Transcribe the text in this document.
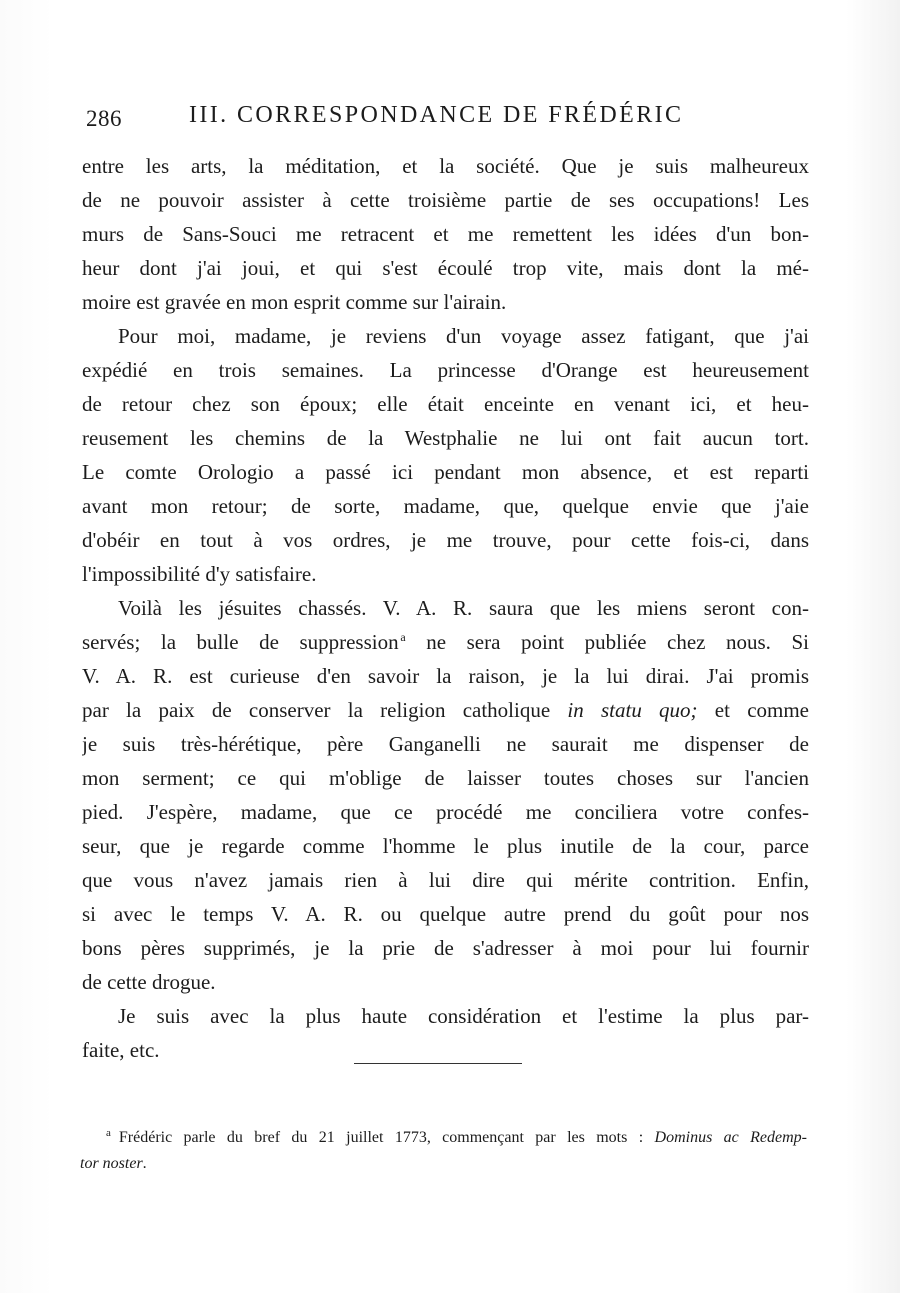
286	III. CORRESPONDANCE DE FRÉDÉRIC
entre les arts, la méditation, et la société. Que je suis malheureux
de ne pouvoir assister à cette troisième partie de ses occupations! Les
murs de Sans-Souci me retracent et me remettent les idées d'un bon-
heur dont j'ai joui, et qui s'est écoulé trop vite, mais dont la mé-
moire est gravée en mon esprit comme sur l'airain.
Pour moi, madame, je reviens d'un voyage assez fatigant, que j'ai
expédié en trois semaines. La princesse d'Orange est heureusement
de retour chez son époux; elle était enceinte en venant ici, et heu-
reusement les chemins de la Westphalie ne lui ont fait aucun tort.
Le comte Orologio a passé ici pendant mon absence, et est reparti
avant mon retour; de sorte, madame, que, quelque envie que j'aie
d'obéir en tout à vos ordres, je me trouve, pour cette fois-ci, dans
l'impossibilité d'y satisfaire.
Voilà les jésuites chassés. V. A. R. saura que les miens seront con-
servés; la bulle de suppression  $^a$ ne sera point publiée chez nous. Si
V. A. R. est curieuse d'en savoir la raison, je la lui dirai. J'ai promis
par la paix de conserver la religion catholique in statu quo; et comme
je suis très-hérétique, père Ganganelli ne saurait me dispenser de
mon serment; ce qui m'oblige de laisser toutes choses sur l'ancien
pied. J'espère, madame, que ce procédé me conciliera votre confes-
seur, que je regarde comme l'homme le plus inutile de la cour, parce
que vous n'avez jamais rien à lui dire qui mérite contrition. Enfin,
si avec le temps V. A. R. ou quelque autre prend du goût pour nos
bons pères supprimés, je la prie de s'adresser à moi pour lui fournir
de cette drogue.
Je suis avec la plus haute considération et l'estime la plus par-
faite, etc.
$^a$ Frédéric parle du bref du 21 juillet 1773, commençant par les mots : Dominus ac Redemp-
tor noster.
